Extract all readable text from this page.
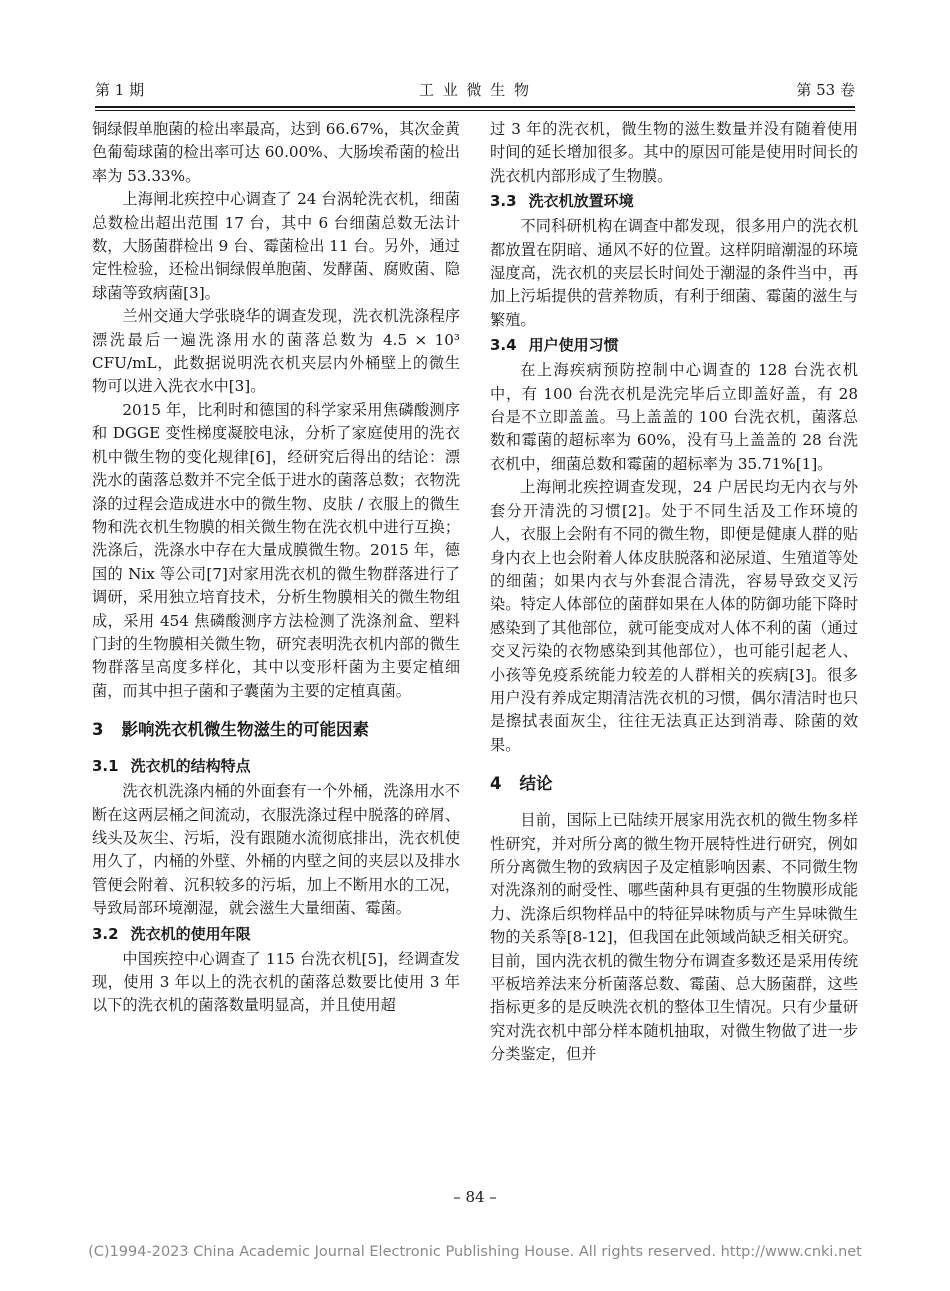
第 1 期	工 业 微 生 物	第 53 卷

铜绿假单胞菌的检出率最高，达到 66.67%，其次金黄色葡萄球菌的检出率可达 60.00%、大肠埃希菌的检出率为 53.33%。

上海闸北疾控中心调查了 24 台涡轮洗衣机，细菌总数检出超出范围 17 台，其中 6 台细菌总数无法计数，大肠菌群检出 9 台、霉菌检出 11 台。另外，通过定性检验，还检出铜绿假单胞菌、发酵菌、腐败菌、隐球菌等致病菌[3]。

兰州交通大学张晓华的调查发现，洗衣机洗涤程序漂洗最后一遍洗涤用水的菌落总数为 4.5 × 10³ CFU/mL，此数据说明洗衣机夹层内外桶壁上的微生物可以进入洗衣水中[3]。

2015 年，比利时和德国的科学家采用焦磷酸测序和 DGGE 变性梯度凝胶电泳，分析了家庭使用的洗衣机中微生物的变化规律[6]，经研究后得出的结论：漂洗水的菌落总数并不完全低于进水的菌落总数；衣物洗涤的过程会造成进水中的微生物、皮肤 / 衣服上的微生物和洗衣机生物膜的相关微生物在洗衣机中进行互换；洗涤后，洗涤水中存在大量成膜微生物。2015 年，德国的 Nix 等公司[7]对家用洗衣机的微生物群落进行了调研，采用独立培育技术，分析生物膜相关的微生物组成，采用 454 焦磷酸测序方法检测了洗涤剂盒、塑料门封的生物膜相关微生物，研究表明洗衣机内部的微生物群落呈高度多样化，其中以变形杆菌为主要定植细菌，而其中担子菌和子囊菌为主要的定植真菌。

3 影响洗衣机微生物滋生的可能因素
3.1 洗衣机的结构特点

洗衣机洗涤内桶的外面套有一个外桶，洗涤用水不断在这两层桶之间流动，衣服洗涤过程中脱落的碎屑、线头及灰尘、污垢，没有跟随水流彻底排出，洗衣机使用久了，内桶的外壁、外桶的内壁之间的夹层以及排水管便会附着、沉积较多的污垢，加上不断用水的工况，导致局部环境潮湿，就会滋生大量细菌、霉菌。

3.2 洗衣机的使用年限

中国疾控中心调查了 115 台洗衣机[5]，经调查发现，使用 3 年以上的洗衣机的菌落总数要比使用 3 年以下的洗衣机的菌落数量明显高，并且使用超

过 3 年的洗衣机，微生物的滋生数量并没有随着使用时间的延长增加很多。其中的原因可能是使用时间长的洗衣机内部形成了生物膜。

3.3 洗衣机放置环境

不同科研机构在调查中都发现，很多用户的洗衣机都放置在阴暗、通风不好的位置。这样阴暗潮湿的环境湿度高，洗衣机的夹层长时间处于潮湿的条件当中，再加上污垢提供的营养物质，有利于细菌、霉菌的滋生与繁殖。

3.4 用户使用习惯

在上海疾病预防控制中心调查的 128 台洗衣机中，有 100 台洗衣机是洗完毕后立即盖好盖，有 28 台是不立即盖盖。马上盖盖的 100 台洗衣机，菌落总数和霉菌的超标率为 60%，没有马上盖盖的 28 台洗衣机中，细菌总数和霉菌的超标率为 35.71%[1]。

上海闸北疾控调查发现，24 户居民均无内衣与外套分开清洗的习惯[2]。处于不同生活及工作环境的人，衣服上会附有不同的微生物，即便是健康人群的贴身内衣上也会附着人体皮肤脱落和泌尿道、生殖道等处的细菌；如果内衣与外套混合清洗，容易导致交叉污染。特定人体部位的菌群如果在人体的防御功能下降时感染到了其他部位，就可能变成对人体不利的菌（通过交叉污染的衣物感染到其他部位），也可能引起老人、小孩等免疫系统能力较差的人群相关的疾病[3]。很多用户没有养成定期清洁洗衣机的习惯，偶尔清洁时也只是擦拭表面灰尘，往往无法真正达到消毒、除菌的效果。

4 结论

目前，国际上已陆续开展家用洗衣机的微生物多样性研究，并对所分离的微生物开展特性进行研究，例如所分离微生物的致病因子及定植影响因素、不同微生物对洗涤剂的耐受性、哪些菌种具有更强的生物膜形成能力、洗涤后织物样品中的特征异味物质与产生异味微生物的关系等[8-12]，但我国在此领域尚缺乏相关研究。目前，国内洗衣机的微生物分布调查多数还是采用传统平板培养法来分析菌落总数、霉菌、总大肠菌群，这些指标更多的是反映洗衣机的整体卫生情况。只有少量研究对洗衣机中部分样本随机抽取，对微生物做了进一步分类鉴定，但并

– 84 –
(C)1994-2023 China Academic Journal Electronic Publishing House. All rights reserved. http://www.cnki.net
